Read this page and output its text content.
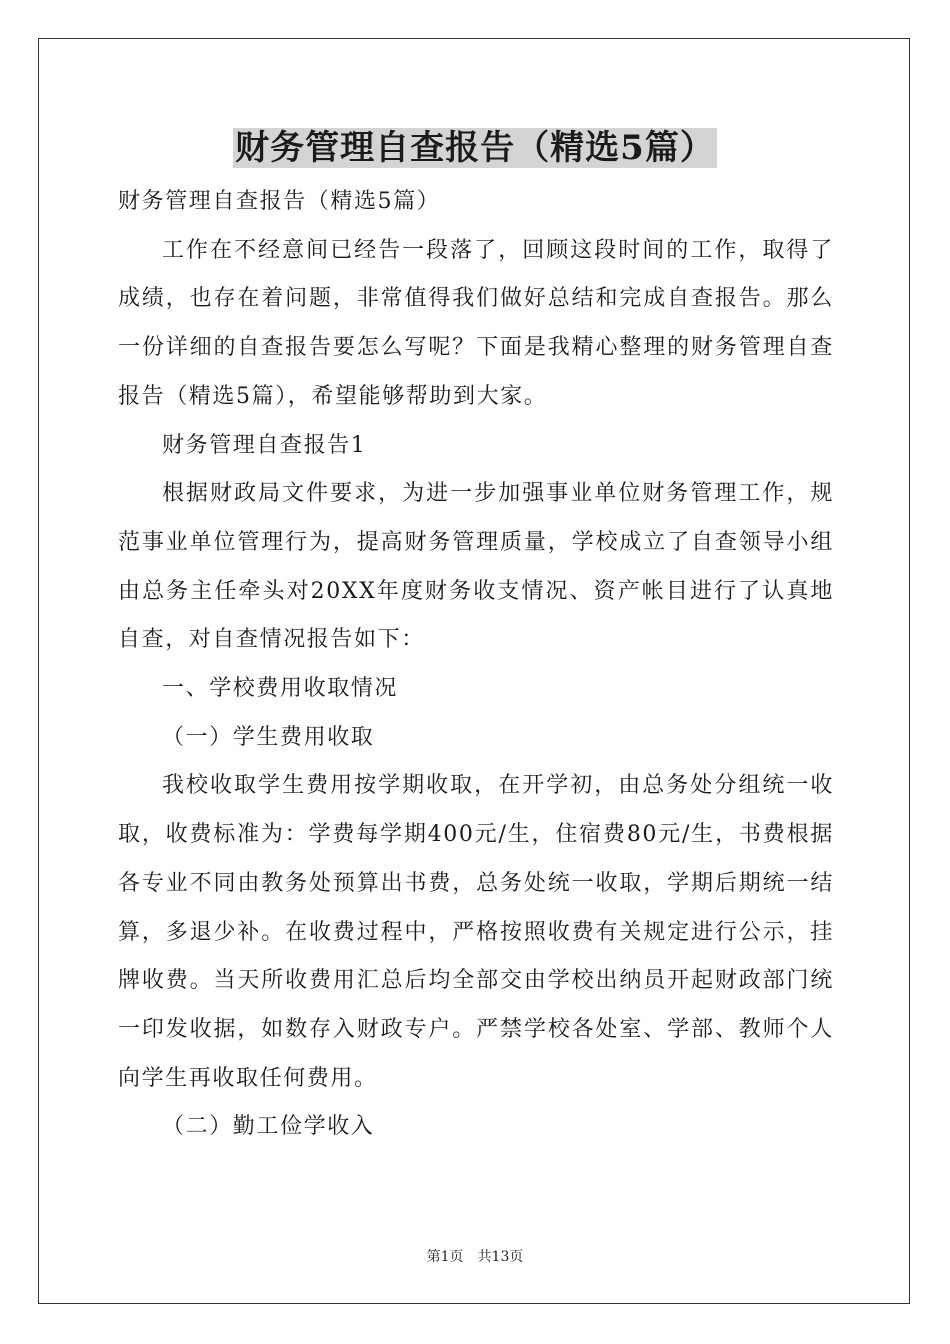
财务管理自查报告（精选5篇）

财务管理自查报告（精选5篇）

工作在不经意间已经告一段落了，回顾这段时间的工作，取得了成绩，也存在着问题，非常值得我们做好总结和完成自查报告。那么一份详细的自查报告要怎么写呢？下面是我精心整理的财务管理自查报告（精选5篇），希望能够帮助到大家。

财务管理自查报告1

根据财政局文件要求，为进一步加强事业单位财务管理工作，规范事业单位管理行为，提高财务管理质量，学校成立了自查领导小组由总务主任牵头对20XX年度财务收支情况、资产帐目进行了认真地自查，对自查情况报告如下：

一、学校费用收取情况

（一）学生费用收取

我校收取学生费用按学期收取，在开学初，由总务处分组统一收取，收费标准为：学费每学期400元/生，住宿费80元/生，书费根据各专业不同由教务处预算出书费，总务处统一收取，学期后期统一结算，多退少补。在收费过程中，严格按照收费有关规定进行公示，挂牌收费。当天所收费用汇总后均全部交由学校出纳员开起财政部门统一印发收据，如数存入财政专户。严禁学校各处室、学部、教师个人向学生再收取任何费用。

（二）勤工俭学收入

第1页 共13页
